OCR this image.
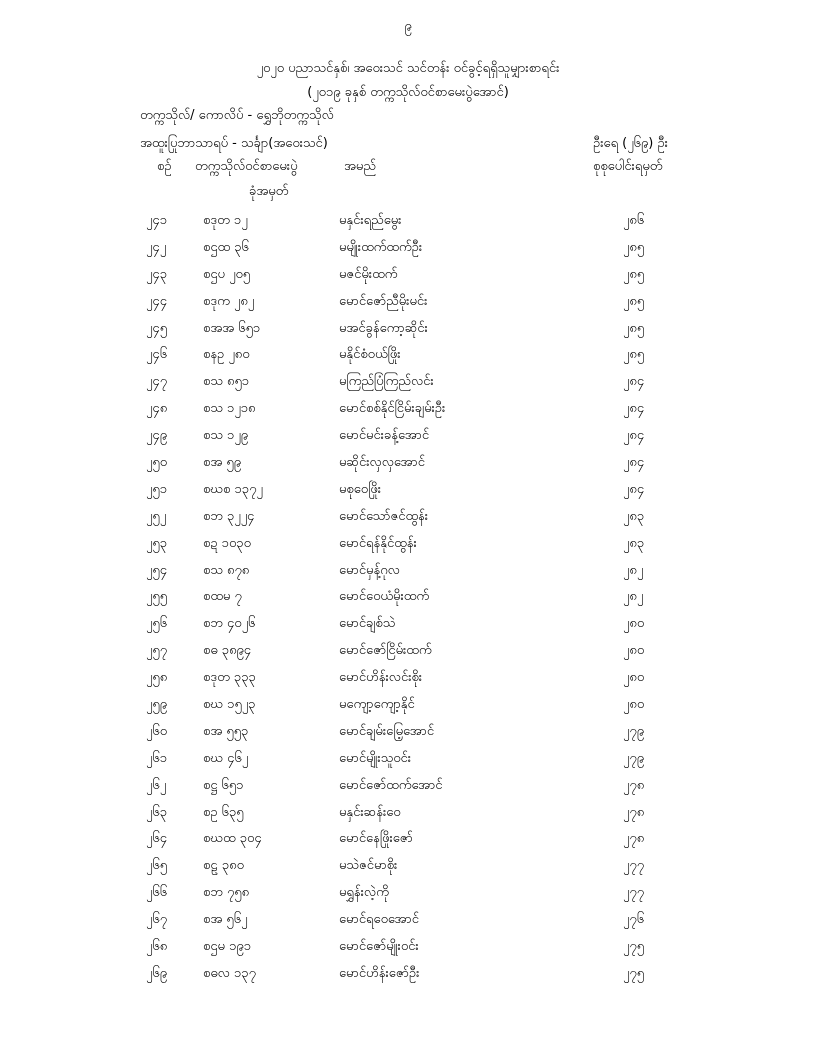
၉
၂၀၂၀ ပညာသင်နှစ်၊ အဝေးသင် သင်တန်း ဝင်ခွင့်ရရှိသူမျှားစာရင်း
(၂၀၁၉ ခုနှစ် တက္ကသိုလ်ဝင်စာမေးပွဲအောင်)
တက္ကသိုလ်/ ကောလိပ် - ရွှေဘိုတက္ကသိုလ်
အထူးပြုဘာသာရပ် - သင်္ချာ(အဝေးသင်)	ဦးရေ (၂၆၉) ဦး
စဉ် တက္ကသိုလ်ဝင်စာမေးပွဲ
ခုံအမှတ်
အမည်	စုစုပေါင်းရမှတ်
၂၄၁	စဒုတ ၁၂	မနှင်းရည်မွေး	၂၈၆
၂၄၂	စဌထ ၃၆	မမျိုးထက်ထက်ဦး	၂၈၅
၂၄၃	စဌပ ၂၀၅	မဇင်မိုးထက်	၂၈၅
၂၄၄	စဒုက ၂၈၂	မောင်ဇော်ညီမိုးမင်း	၂၈၅
၂၄၅	စအအ ၆၅၁	မအင်ခွန်ကော့ဆိုင်း	၂၈၅
၂၄၆	စနဥ ၂၈၀	မနိုင်စံဝယ်ဖြိုး	၂၈၅
၂၄၇	စသ ၈၅၁	မကြည်ပြံကြည်လင်း	၂၈၄
၂၄၈	စသ ၁၂၁၈	မောင်စစ်နိုင်ငြိမ်းချမ်းဦး	၂၈၄
၂၄၉	စသ ၁၂၉	မောင်မင်းခန့်အောင်	၂၈၄
၂၅၀	စအ ၅၉	မဆိုင်းလှလှအောင်	၂၈၄
၂၅၁	စဃစ ၁၃၇၂	မစုဝေဖြိုး	၂၈၄
၂၅၂	စဘ ၃၂၂၄	မောင်သော်ဇင်ထွန်း	၂၈၃
၂၅၃	စဍ ၁၀၃၀	မောင်ရန်နိုင်ထွန်း	၂၈၃
၂၅၄	စသ ၈၇၈	မောင်မှန့်ဂုလ	၂၈၂
၂၅၅	စထမ ၇	မောင်ဝေယံမိုးထက်	၂၈၂
၂၅၆	စဘ ၄၀၂၆	မောင်ချစ်သဲ	၂၈၀
၂၅၇	စဓ ၃၈၉၄	မောင်ဇော်ငြိမ်းထက်	၂၈၀
၂၅၈	စဒုတ ၃၃၃	မောင်ဟိန်းလင်းစိုး	၂၈၀
၂၅၉	စဃ ၁၅၂၃	မကျော့ကျော့နိုင်	၂၈၀
၂၆၀	စအ ၅၅၃	မောင်ချမ်းမြေ့အောင်	၂၇၉
၂၆၁	စဃ ၄၆၂	မောင်မျိုးသူဝင်း	၂၇၉
၂၆၂	စဋ္ဌ ၆၅၁	မောင်ဇော်ထက်အောင်	၂၇၈
၂၆၃	စဥ ၆၃၅	မနှင်းဆန်းဝေ	၂၇၈
၂၆၄	စဃထ ၃၀၄	မောင်နေဖြိုးဇော်	၂၇၈
၂၆၅	စဠ ၃၈၀	မသဲဇင်မာစိုး	၂၇၇
၂၆၆	စဘ ၇၅၈	မရွှန်းလဲ့ကို	၂၇၇
၂၆၇	စအ ၅၆၂	မောင်ရဝေအောင်	၂၇၆
၂၆၈	စဌမ ၁၉၁	မောင်ဇော်မျိုးဝင်း	၂၇၅
၂၆၉	စဓလ ၁၃၇	မောင်ဟိန်းဇော်ဦး	၂၇၅
